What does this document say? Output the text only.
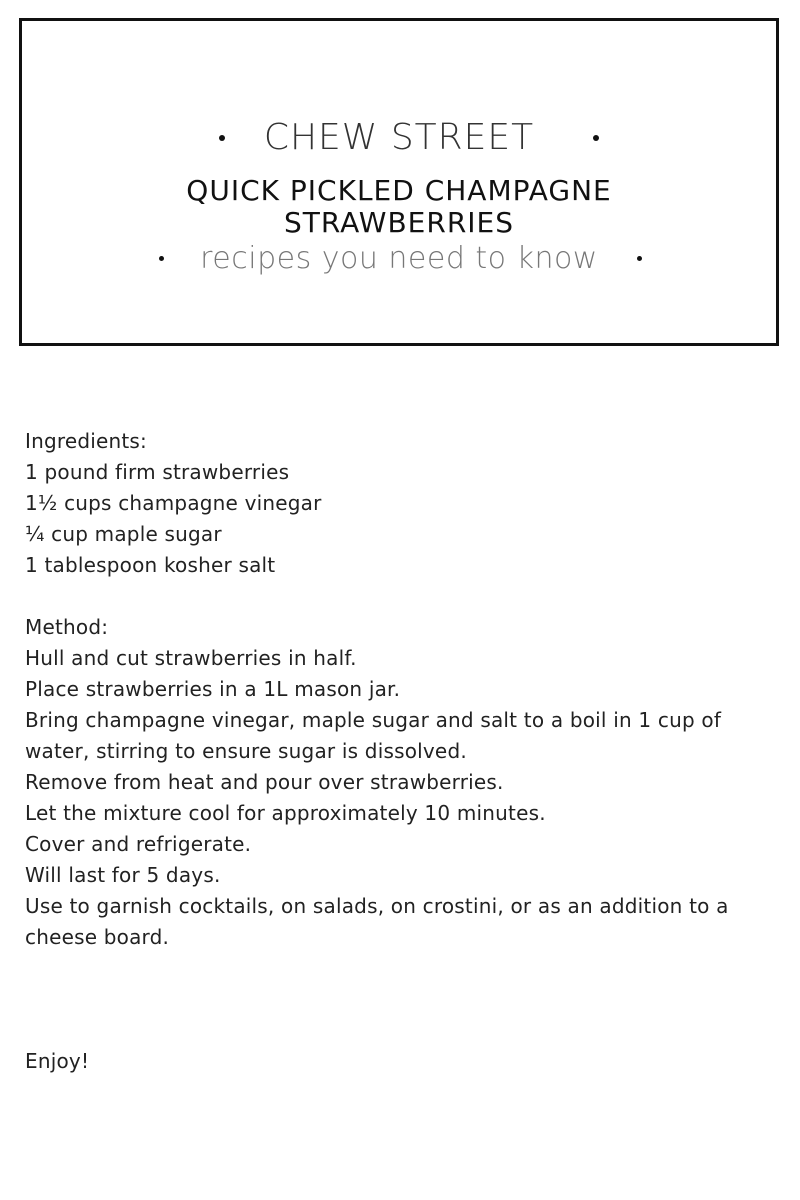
CHEW STREET
QUICK PICKLED CHAMPAGNE
STRAWBERRIES
recipes you need to know
Ingredients:
1 pound firm strawberries
1½ cups champagne vinegar
¼ cup maple sugar
1 tablespoon kosher salt
Method:
Hull and cut strawberries in half.
Place strawberries in a 1L mason jar.
Bring champagne vinegar, maple sugar and salt to a boil in 1 cup of water, stirring to ensure sugar is dissolved.
Remove from heat and pour over strawberries.
Let the mixture cool for approximately 10 minutes.
Cover and refrigerate.
Will last for 5 days.
Use to garnish cocktails, on salads, on crostini, or as an addition to a cheese board.
Enjoy!
